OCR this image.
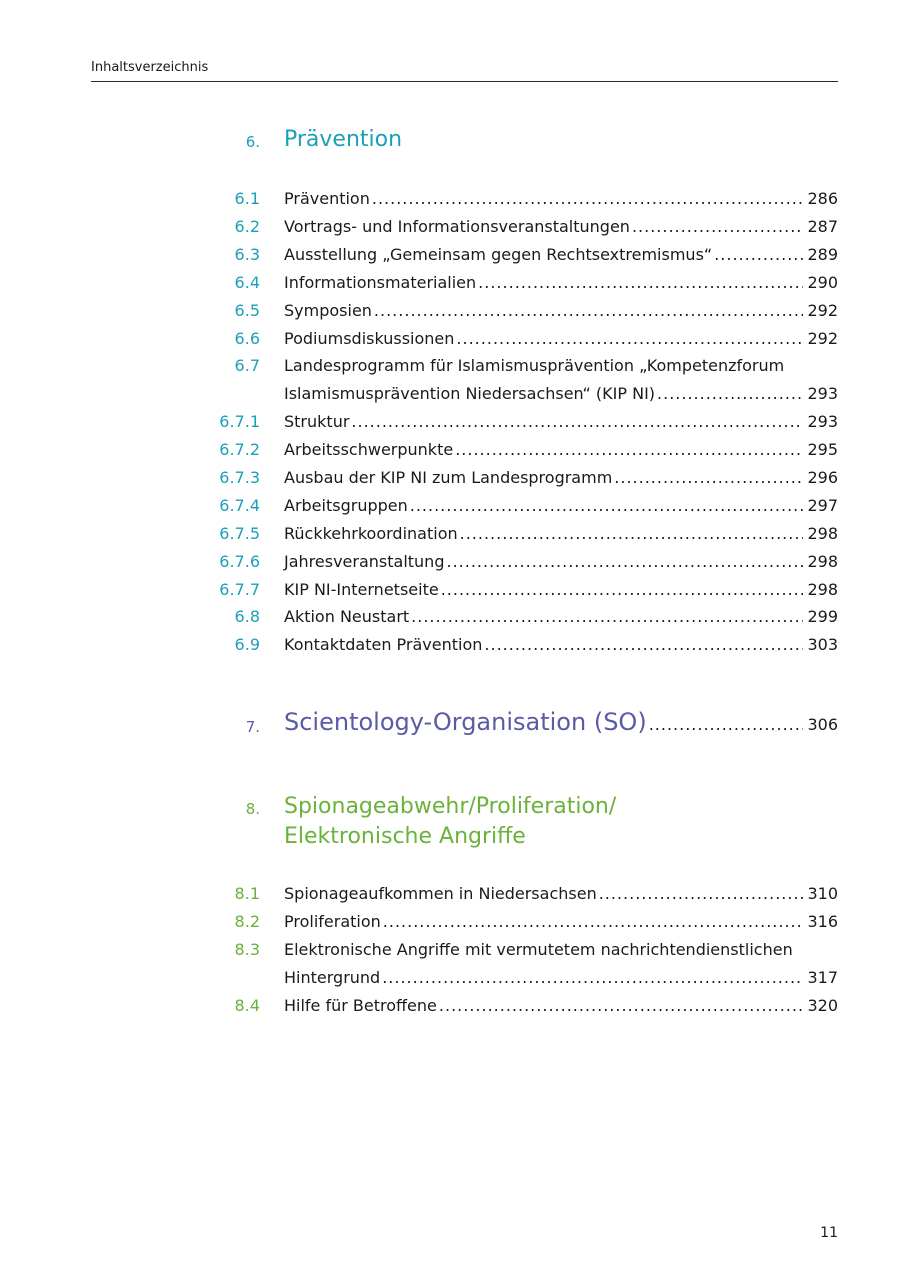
Inhaltsverzeichnis
6. Prävention
6.1 Prävention .....	286
6.2 Vortrags- und Informationsveranstaltungen .....	287
6.3 Ausstellung „Gemeinsam gegen Rechtsextremismus“ .....	289
6.4 Informationsmaterialien .....	290
6.5 Symposien .....	292
6.6 Podiumsdiskussionen .....	292
6.7 Landesprogramm für Islamismusprävention „Kompetenzforum
Islamismusprävention Niedersachsen“ (KIP NI) .....	293
6.7.1 Struktur .....	293
6.7.2 Arbeitsschwerpunkte .....	295
6.7.3 Ausbau der KIP NI zum Landesprogramm .....	296
6.7.4 Arbeitsgruppen .....	297
6.7.5 Rückkehrkoordination .....	298
6.7.6 Jahresveranstaltung .....	298
6.7.7 KIP NI-Internetseite .....	298
6.8 Aktion Neustart .....	299
6.9 Kontaktdaten Prävention .....	303
7. Scientology-Organisation (SO) .....	306
8. Spionageabwehr/Proliferation/
Elektronische Angriffe
8.1 Spionageaufkommen in Niedersachsen .....	310
8.2 Proliferation .....	316
8.3 Elektronische Angriffe mit vermutetem nachrichtendienstlichen
Hintergrund .....	317
8.4 Hilfe für Betroffene .....	320
11
